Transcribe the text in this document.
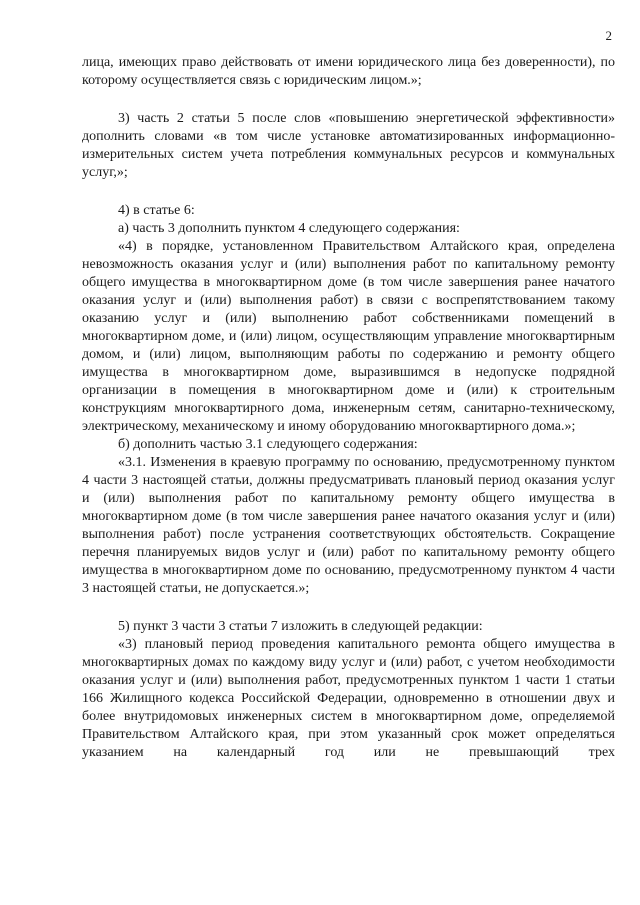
2

лица, имеющих право действовать от имени юридического лица без доверенности), по которому осуществляется связь с юридическим лицом.»;

3) часть 2 статьи 5 после слов «повышению энергетической эффективности» дополнить словами «в том числе установке автоматизированных информационно-измерительных систем учета потребления коммунальных ресурсов и коммунальных услуг,»;

4) в статье 6:

а) часть 3 дополнить пунктом 4 следующего содержания:

«4) в порядке, установленном Правительством Алтайского края, определена невозможность оказания услуг и (или) выполнения работ по капитальному ремонту общего имущества в многоквартирном доме (в том числе завершения ранее начатого оказания услуг и (или) выполнения работ) в связи с воспрепятствованием такому оказанию услуг и (или) выполнению работ собственниками помещений в многоквартирном доме, и (или) лицом, осуществляющим управление многоквартирным домом, и (или) лицом, выполняющим работы по содержанию и ремонту общего имущества в многоквартирном доме, выразившимся в недопуске подрядной организации в помещения в многоквартирном доме и (или) к строительным конструкциям многоквартирного дома, инженерным сетям, санитарно-техническому, электрическому, механическому и иному оборудованию многоквартирного дома.»;

б) дополнить частью 3.1 следующего содержания:

«3.1. Изменения в краевую программу по основанию, предусмотренному пунктом 4 части 3 настоящей статьи, должны предусматривать плановый период оказания услуг и (или) выполнения работ по капитальному ремонту общего имущества в многоквартирном доме (в том числе завершения ранее начатого оказания услуг и (или) выполнения работ) после устранения соответствующих обстоятельств. Сокращение перечня планируемых видов услуг и (или) работ по капитальному ремонту общего имущества в многоквартирном доме по основанию, предусмотренному пунктом 4 части 3 настоящей статьи, не допускается.»;

5) пункт 3 части 3 статьи 7 изложить в следующей редакции:

«3) плановый период проведения капитального ремонта общего имущества в многоквартирных домах по каждому виду услуг и (или) работ, с учетом необходимости оказания услуг и (или) выполнения работ, предусмотренных пунктом 1 части 1 статьи 166 Жилищного кодекса Российской Федерации, одновременно в отношении двух и более внутридомовых инженерных систем в многоквартирном доме, определяемой Правительством Алтайского края, при этом указанный срок может определяться указанием на календарный год или не превышающий трех
